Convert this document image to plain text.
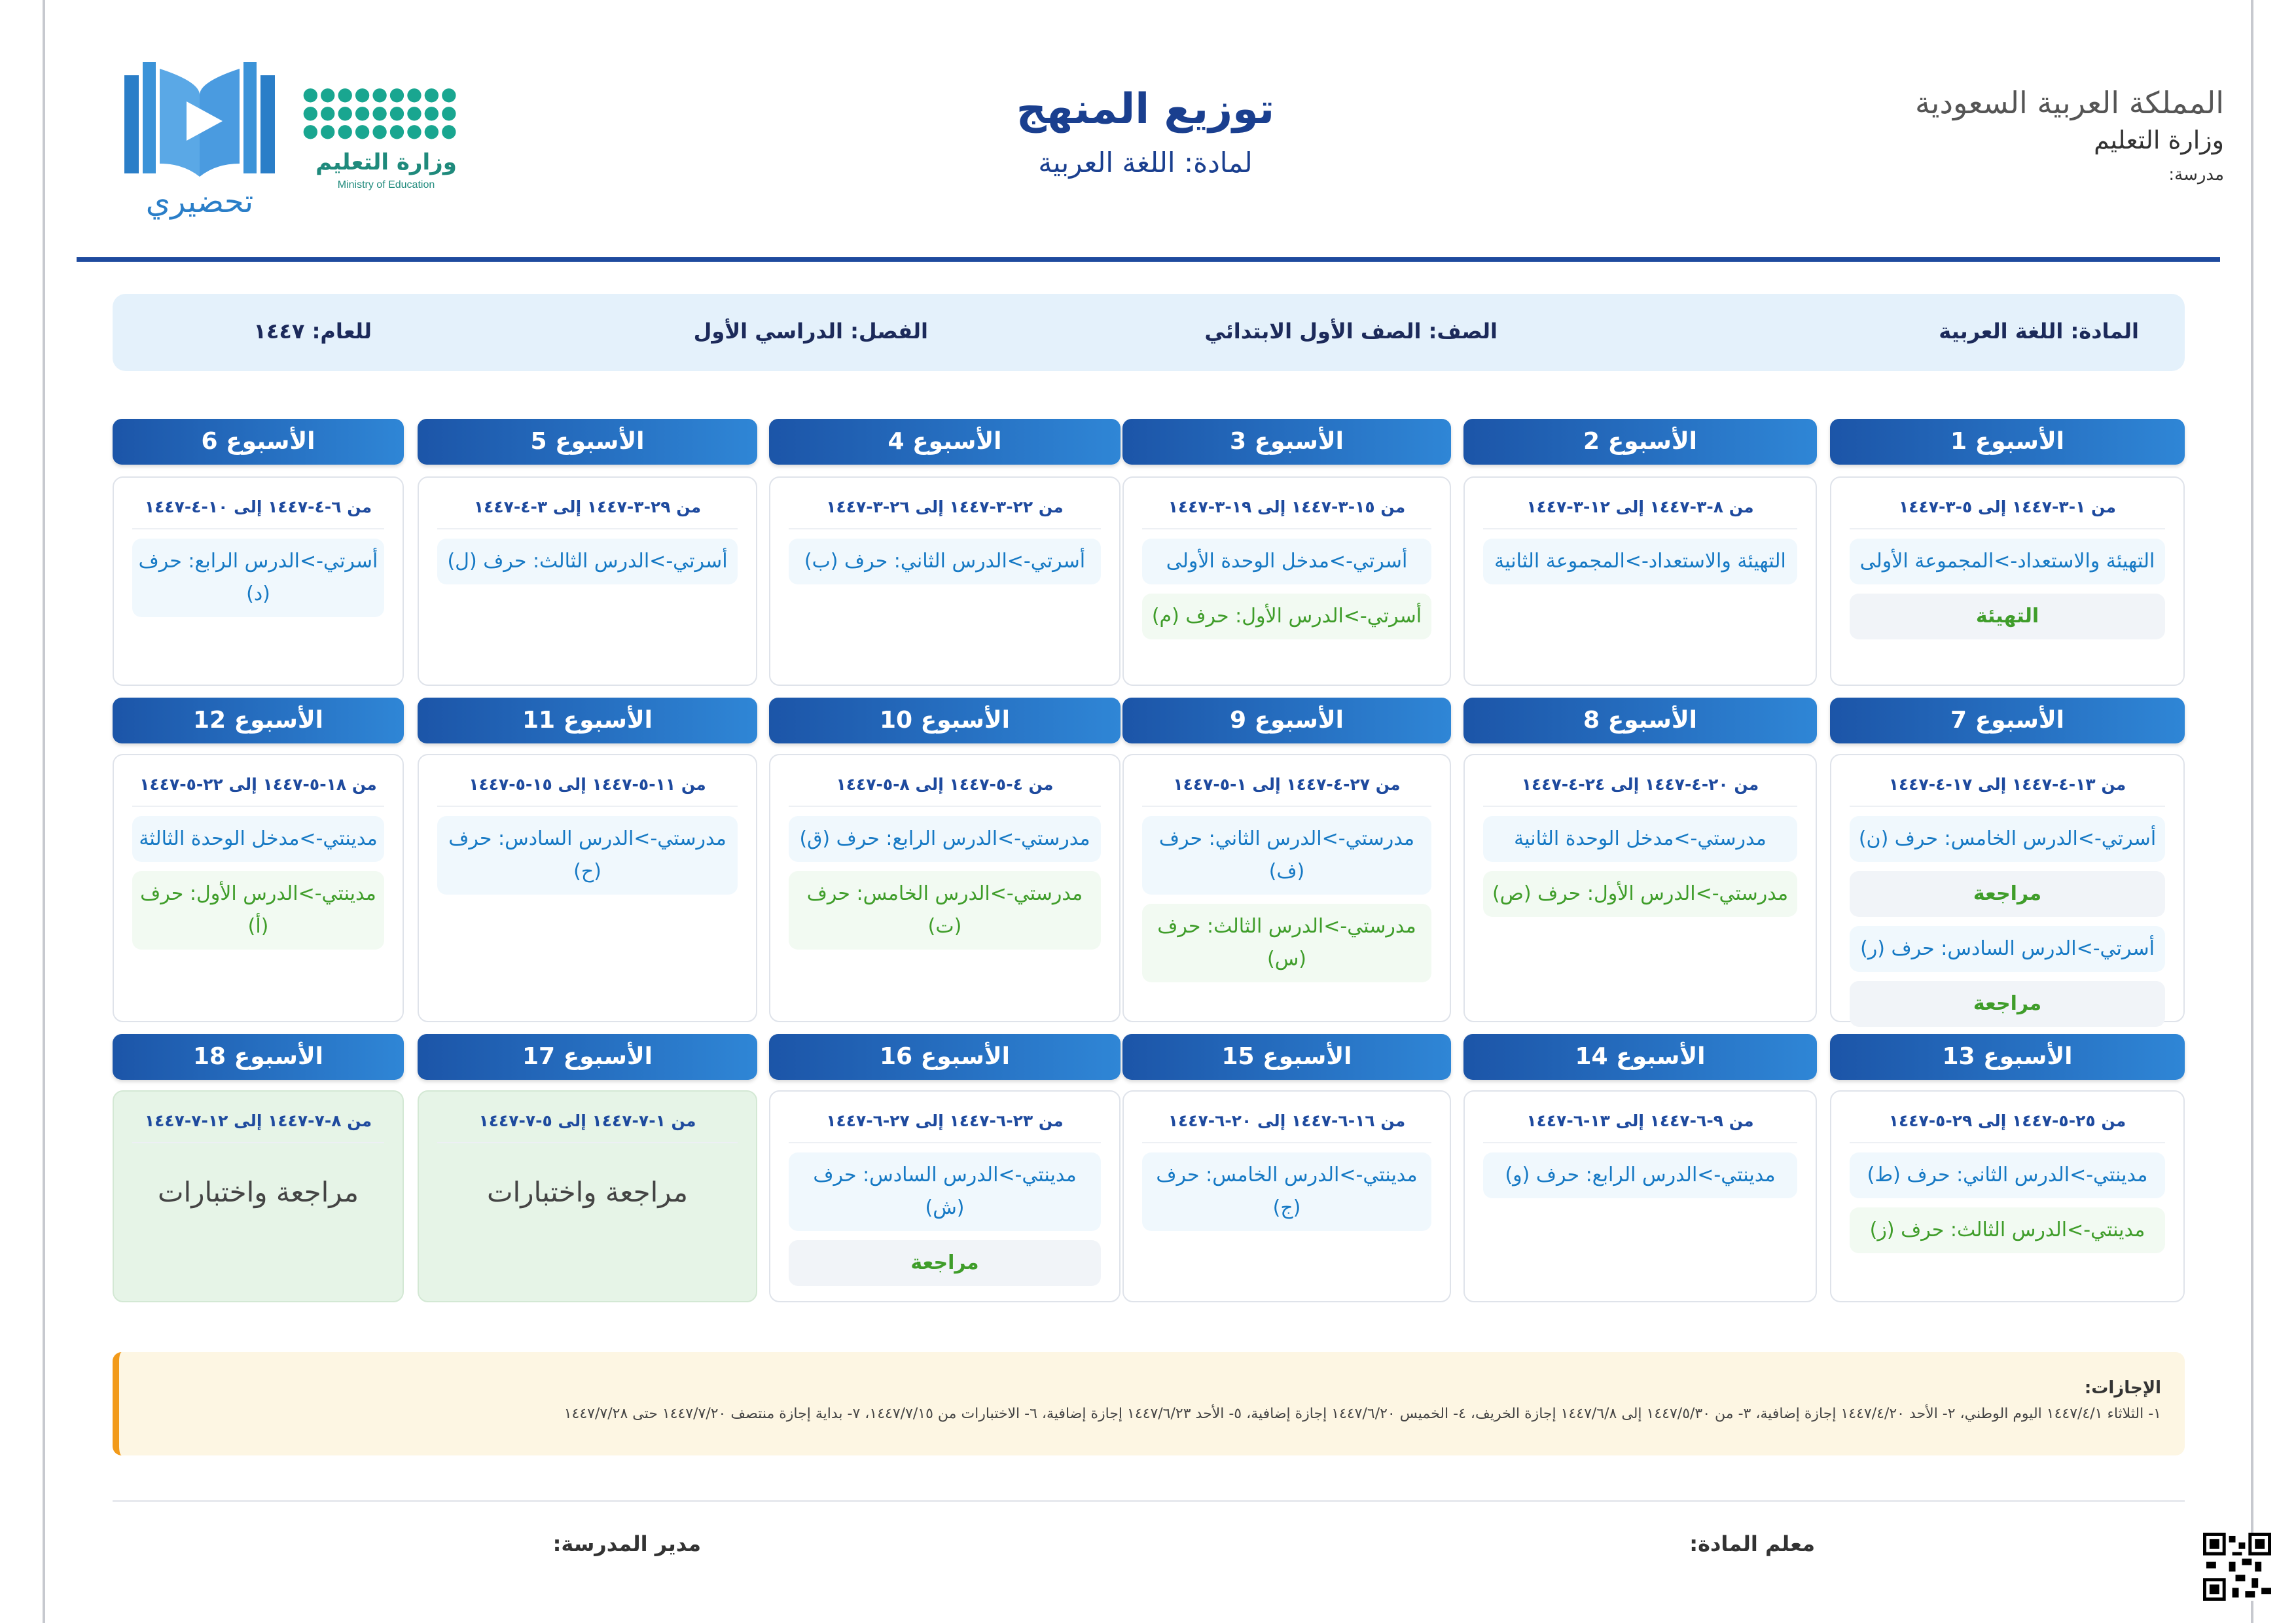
المملكة العربية السعودية
وزارة التعليم
مدرسة:
توزيع المنهج
لمادة: اللغة العربية
●●●●●●●●●
●●●●●●●●●
●●●●●●●●●
وزارة التعليم
Ministry of Education
تحضيري
المادة: اللغة العربية
الصف: الصف الأول الابتدائي
الفصل: الدراسي الأول
للعام: ١٤٤٧
الأسبوع 1
من ١-٣-١٤٤٧ إلى ٥-٣-١٤٤٧
التهيئة والاستعداد->المجموعة الأولى
التهيئة
الأسبوع 2
من ٨-٣-١٤٤٧ إلى ١٢-٣-١٤٤٧
التهيئة والاستعداد->المجموعة الثانية
الأسبوع 3
من ١٥-٣-١٤٤٧ إلى ١٩-٣-١٤٤٧
أسرتي->مدخل الوحدة الأولى
أسرتي->الدرس الأول: حرف (م)
الأسبوع 4
من ٢٢-٣-١٤٤٧ إلى ٢٦-٣-١٤٤٧
أسرتي->الدرس الثاني: حرف (ب)
الأسبوع 5
من ٢٩-٣-١٤٤٧ إلى ٣-٤-١٤٤٧
أسرتي->الدرس الثالث: حرف (ل)
الأسبوع 6
من ٦-٤-١٤٤٧ إلى ١٠-٤-١٤٤٧
أسرتي->الدرس الرابع: حرف (د)
الأسبوع 7
من ١٣-٤-١٤٤٧ إلى ١٧-٤-١٤٤٧
أسرتي->الدرس الخامس: حرف (ن)
مراجعة
أسرتي->الدرس السادس: حرف (ر)
مراجعة
الأسبوع 8
من ٢٠-٤-١٤٤٧ إلى ٢٤-٤-١٤٤٧
مدرستي->مدخل الوحدة الثانية
مدرستي->الدرس الأول: حرف (ص)
الأسبوع 9
من ٢٧-٤-١٤٤٧ إلى ١-٥-١٤٤٧
مدرستي->الدرس الثاني: حرف (ف)
مدرستي->الدرس الثالث: حرف (س)
الأسبوع 10
من ٤-٥-١٤٤٧ إلى ٨-٥-١٤٤٧
مدرستي->الدرس الرابع: حرف (ق)
مدرستي->الدرس الخامس: حرف (ت)
الأسبوع 11
من ١١-٥-١٤٤٧ إلى ١٥-٥-١٤٤٧
مدرستي->الدرس السادس: حرف (ح)
الأسبوع 12
من ١٨-٥-١٤٤٧ إلى ٢٢-٥-١٤٤٧
مدينتي->مدخل الوحدة الثالثة
مدينتي->الدرس الأول: حرف (أ)
الأسبوع 13
من ٢٥-٥-١٤٤٧ إلى ٢٩-٥-١٤٤٧
مدينتي->الدرس الثاني: حرف (ط)
مدينتي->الدرس الثالث: حرف (ز)
الأسبوع 14
من ٩-٦-١٤٤٧ إلى ١٣-٦-١٤٤٧
مدينتي->الدرس الرابع: حرف (و)
الأسبوع 15
من ١٦-٦-١٤٤٧ إلى ٢٠-٦-١٤٤٧
مدينتي->الدرس الخامس: حرف (ج)
الأسبوع 16
من ٢٣-٦-١٤٤٧ إلى ٢٧-٦-١٤٤٧
مدينتي->الدرس السادس: حرف (ش)
مراجعة
الأسبوع 17
من ١-٧-١٤٤٧ إلى ٥-٧-١٤٤٧
مراجعة واختبارات
الأسبوع 18
من ٨-٧-١٤٤٧ إلى ١٢-٧-١٤٤٧
مراجعة واختبارات
الإجازات:
١- الثلاثاء ١٤٤٧/٤/١ اليوم الوطني، ٢- الأحد ١٤٤٧/٤/٢٠ إجازة إضافية، ٣- من ١٤٤٧/٥/٣٠ إلى ١٤٤٧/٦/٨ إجازة الخريف، ٤- الخميس ١٤٤٧/٦/٢٠ إجازة إضافية، ٥- الأحد ١٤٤٧/٦/٢٣ إجازة إضافية، ٦- الاختبارات من ١٤٤٧/٧/١٥، ٧- بداية إجازة منتصف ١٤٤٧/٧/٢٠ حتى ١٤٤٧/٧/٢٨
معلم المادة:
مدير المدرسة:
